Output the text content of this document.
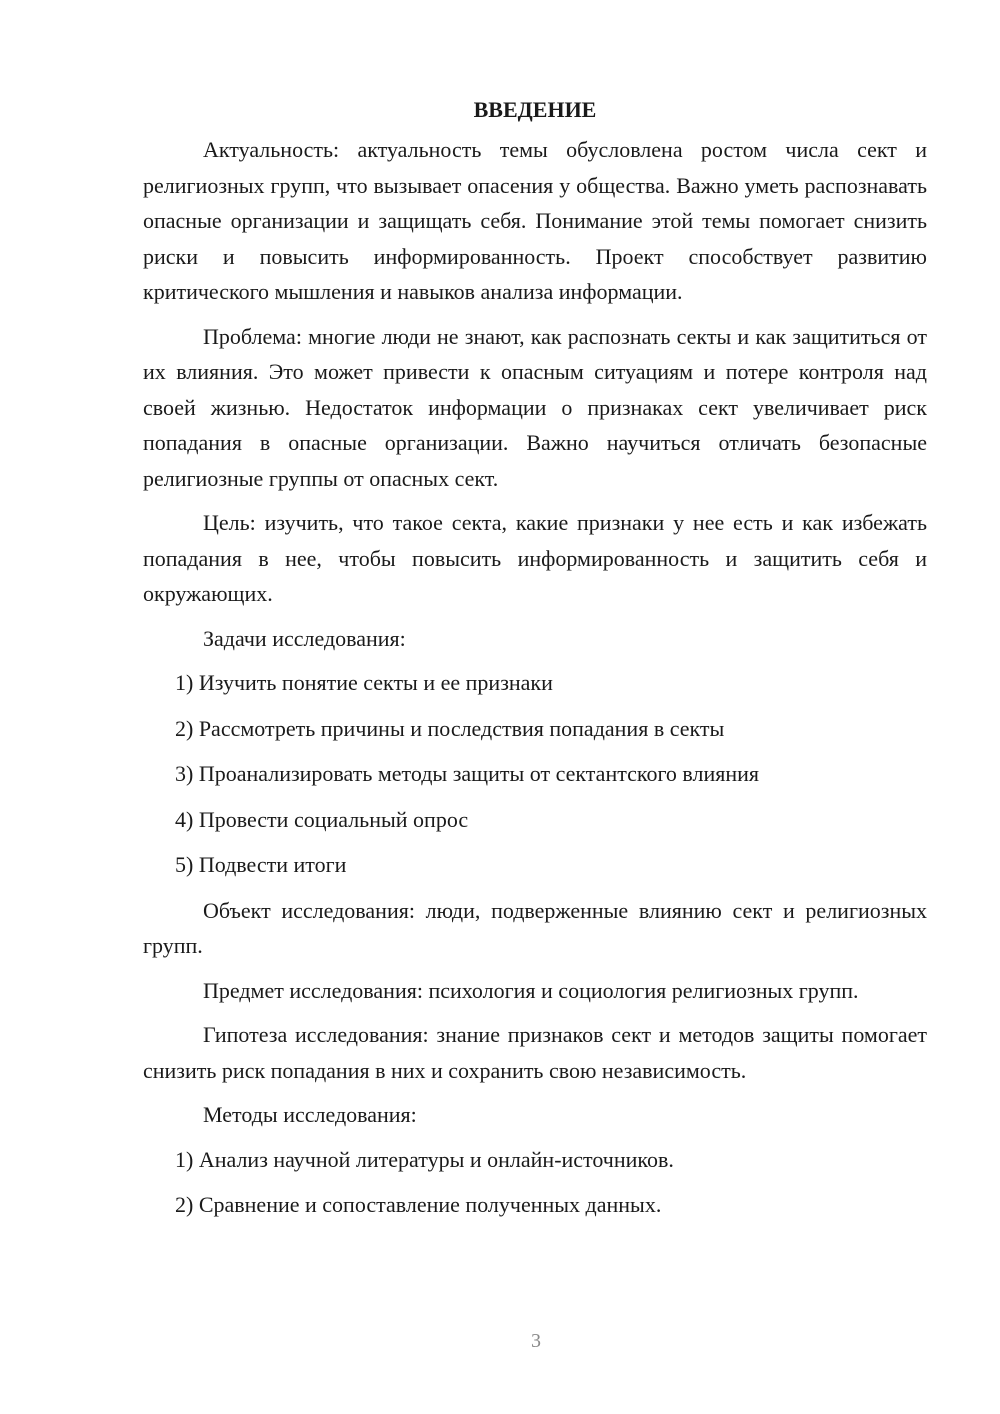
ВВЕДЕНИЕ

Актуальность: актуальность темы обусловлена ростом числа сект и религиозных групп, что вызывает опасения у общества. Важно уметь распознавать опасные организации и защищать себя. Понимание этой темы помогает снизить риски и повысить информированность. Проект способствует развитию критического мышления и навыков анализа информации.

Проблема: многие люди не знают, как распознать секты и как защититься от их влияния. Это может привести к опасным ситуациям и потере контроля над своей жизнью. Недостаток информации о признаках сект увеличивает риск попадания в опасные организации. Важно научиться отличать безопасные религиозные группы от опасных сект.

Цель: изучить, что такое секта, какие признаки у нее есть и как избежать попадания в нее, чтобы повысить информированность и защитить себя и окружающих.

Задачи исследования:

1) Изучить понятие секты и ее признаки
2) Рассмотреть причины и последствия попадания в секты
3) Проанализировать методы защиты от сектантского влияния
4) Провести социальный опрос
5) Подвести итоги

Объект исследования: люди, подверженные влиянию сект и религиозных групп.

Предмет исследования: психология и социология религиозных групп.

Гипотеза исследования: знание признаков сект и методов защиты помогает снизить риск попадания в них и сохранить свою независимость.

Методы исследования:

1) Анализ научной литературы и онлайн-источников.
2) Сравнение и сопоставление полученных данных.
3
